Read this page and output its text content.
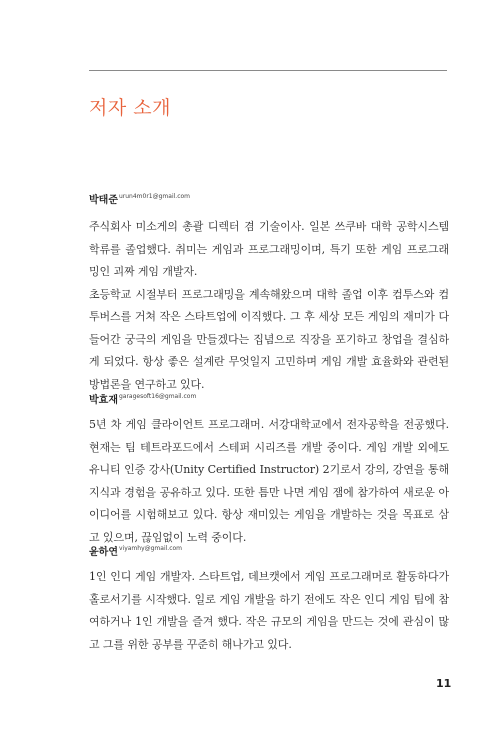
저자 소개
박태준$^{urun4m0r1@gmail.com}$

주식회사 미소게의 총괄 디렉터 겸 기술이사. 일본 쓰쿠바 대학 공학시스템학류를 졸업했다. 취미는 게임과 프로그래밍이며, 특기 또한 게임 프로그래밍인 괴짜 게임 개발자.

초등학교 시절부터 프로그래밍을 계속해왔으며 대학 졸업 이후 컴투스와 컴투버스를 거쳐 작은 스타트업에 이직했다. 그 후 세상 모든 게임의 재미가 다 들어간 궁극의 게임을 만들겠다는 집념으로 직장을 포기하고 창업을 결심하게 되었다. 항상 좋은 설계란 무엇일지 고민하며 게임 개발 효율화와 관련된 방법론을 연구하고 있다.

박효재$^{garagesoft16@gmail.com}$

5년 차 게임 클라이언트 프로그래머. 서강대학교에서 전자공학을 전공했다. 현재는 팀 테트라포드에서 스테퍼 시리즈를 개발 중이다. 게임 개발 외에도 유니티 인증 강사(Unity Certified Instructor) 2기로서 강의, 강연을 통해 지식과 경험을 공유하고 있다. 또한 틈만 나면 게임 잼에 참가하여 새로운 아이디어를 시험해보고 있다. 항상 재미있는 게임을 개발하는 것을 목표로 삼고 있으며, 끊임없이 노력 중이다.

윤하연$^{viyamhy@gmail.com}$

1인 인디 게임 개발자. 스타트업, 데브캣에서 게임 프로그래머로 활동하다가 홀로서기를 시작했다. 일로 게임 개발을 하기 전에도 작은 인디 게임 팀에 참여하거나 1인 개발을 즐겨 했다. 작은 규모의 게임을 만드는 것에 관심이 많고 그를 위한 공부를 꾸준히 해나가고 있다.

11
